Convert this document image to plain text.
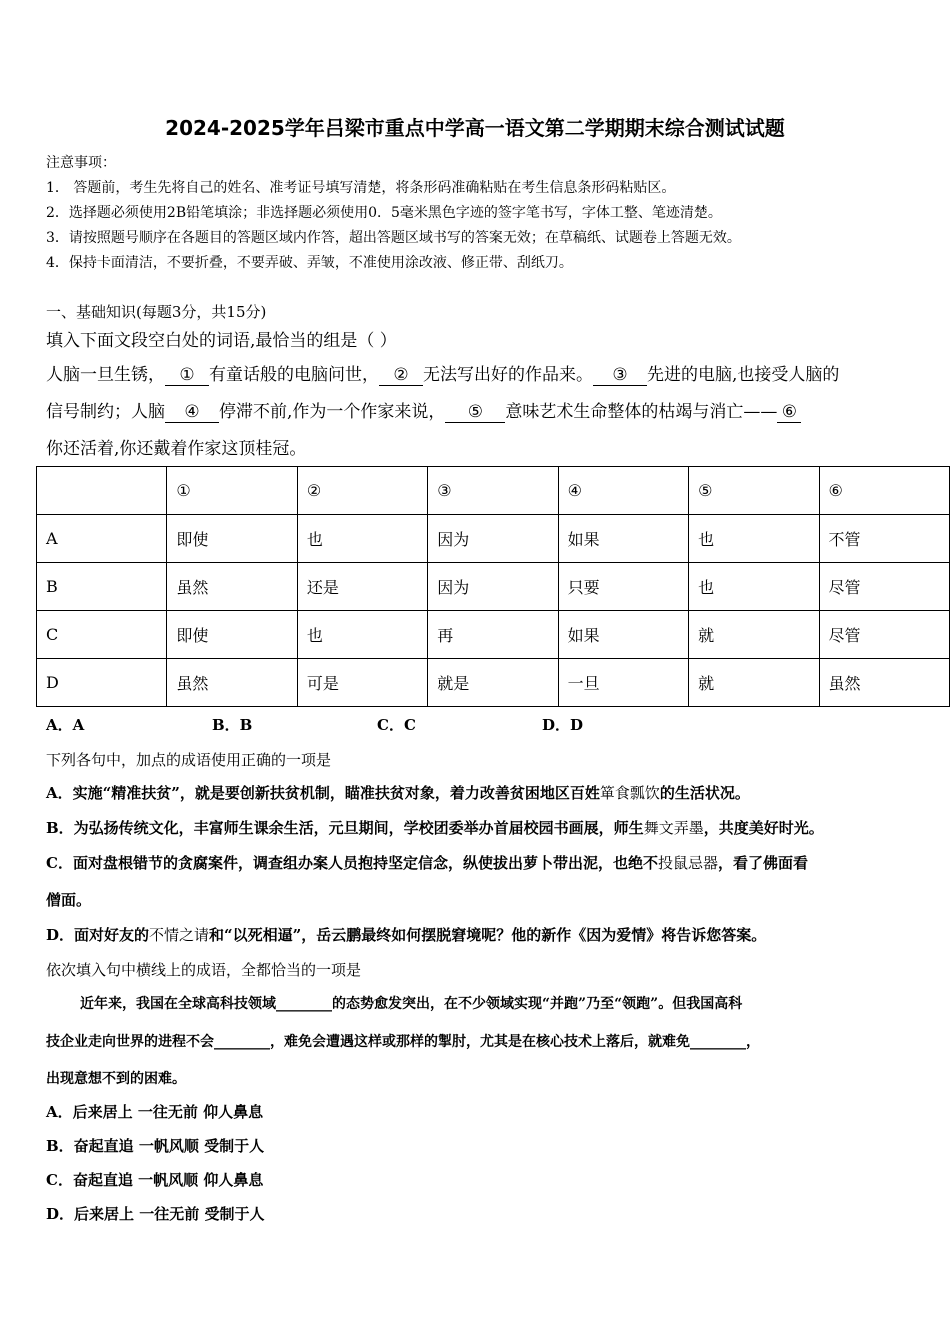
2024-2025学年吕梁市重点中学高一语文第二学期期末综合测试试题
注意事项：
1． 答题前，考生先将自己的姓名、准考证号填写清楚，将条形码准确粘贴在考生信息条形码粘贴区。
2．选择题必须使用2B铅笔填涂；非选择题必须使用0．5毫米黑色字迹的签字笔书写，字体工整、笔迹清楚。
3．请按照题号顺序在各题目的答题区域内作答，超出答题区域书写的答案无效；在草稿纸、试题卷上答题无效。
4．保持卡面清洁，不要折叠，不要弄破、弄皱，不准使用涂改液、修正带、刮纸刀。
一、基础知识(每题3分，共15分)
填入下面文段空白处的词语,最恰当的组是（ ）
人脑一旦生锈， ① 有童话般的电脑问世， ② 无法写出好的作品来。 ③ 先进的电脑,也接受人脑的
信号制约；人脑 ④ 停滞不前,作为一个作家来说， ⑤ 意味艺术生命整体的枯竭与消亡—— ⑥
你还活着,你还戴着作家这顶桂冠。
	①	②	③	④	⑤	⑥
A	即使	也	因为	如果	也	不管
B	虽然	还是	因为	只要	也	尽管
C	即使	也	再	如果	就	尽管
D	虽然	可是	就是	一旦	就	虽然
A．A	B．B	C．C	D．D
下列各句中，加点的成语使用正确的一项是
A．实施“精准扶贫”，就是要创新扶贫机制，瞄准扶贫对象，着力改善贫困地区百姓箪食瓢饮的生活状况。
B．为弘扬传统文化，丰富师生课余生活，元旦期间，学校团委举办首届校园书画展，师生舞文弄墨，共度美好时光。
C．面对盘根错节的贪腐案件，调查组办案人员抱持坚定信念，纵使拔出萝卜带出泥，也绝不投鼠忌器，看了佛面看
僧面。
D．面对好友的不情之请和“以死相逼”，岳云鹏最终如何摆脱窘境呢？他的新作《因为爱情》将告诉您答案。
依次填入句中横线上的成语，全都恰当的一项是
近年来，我国在全球高科技领域________的态势愈发突出，在不少领域实现“并跑”乃至“领跑”。但我国高科
技企业走向世界的进程不会________，难免会遭遇这样或那样的掣肘，尤其是在核心技术上落后，就难免________，
出现意想不到的困难。
A．后来居上 一往无前 仰人鼻息
B．奋起直追 一帆风顺 受制于人
C．奋起直追 一帆风顺 仰人鼻息
D．后来居上 一往无前 受制于人
